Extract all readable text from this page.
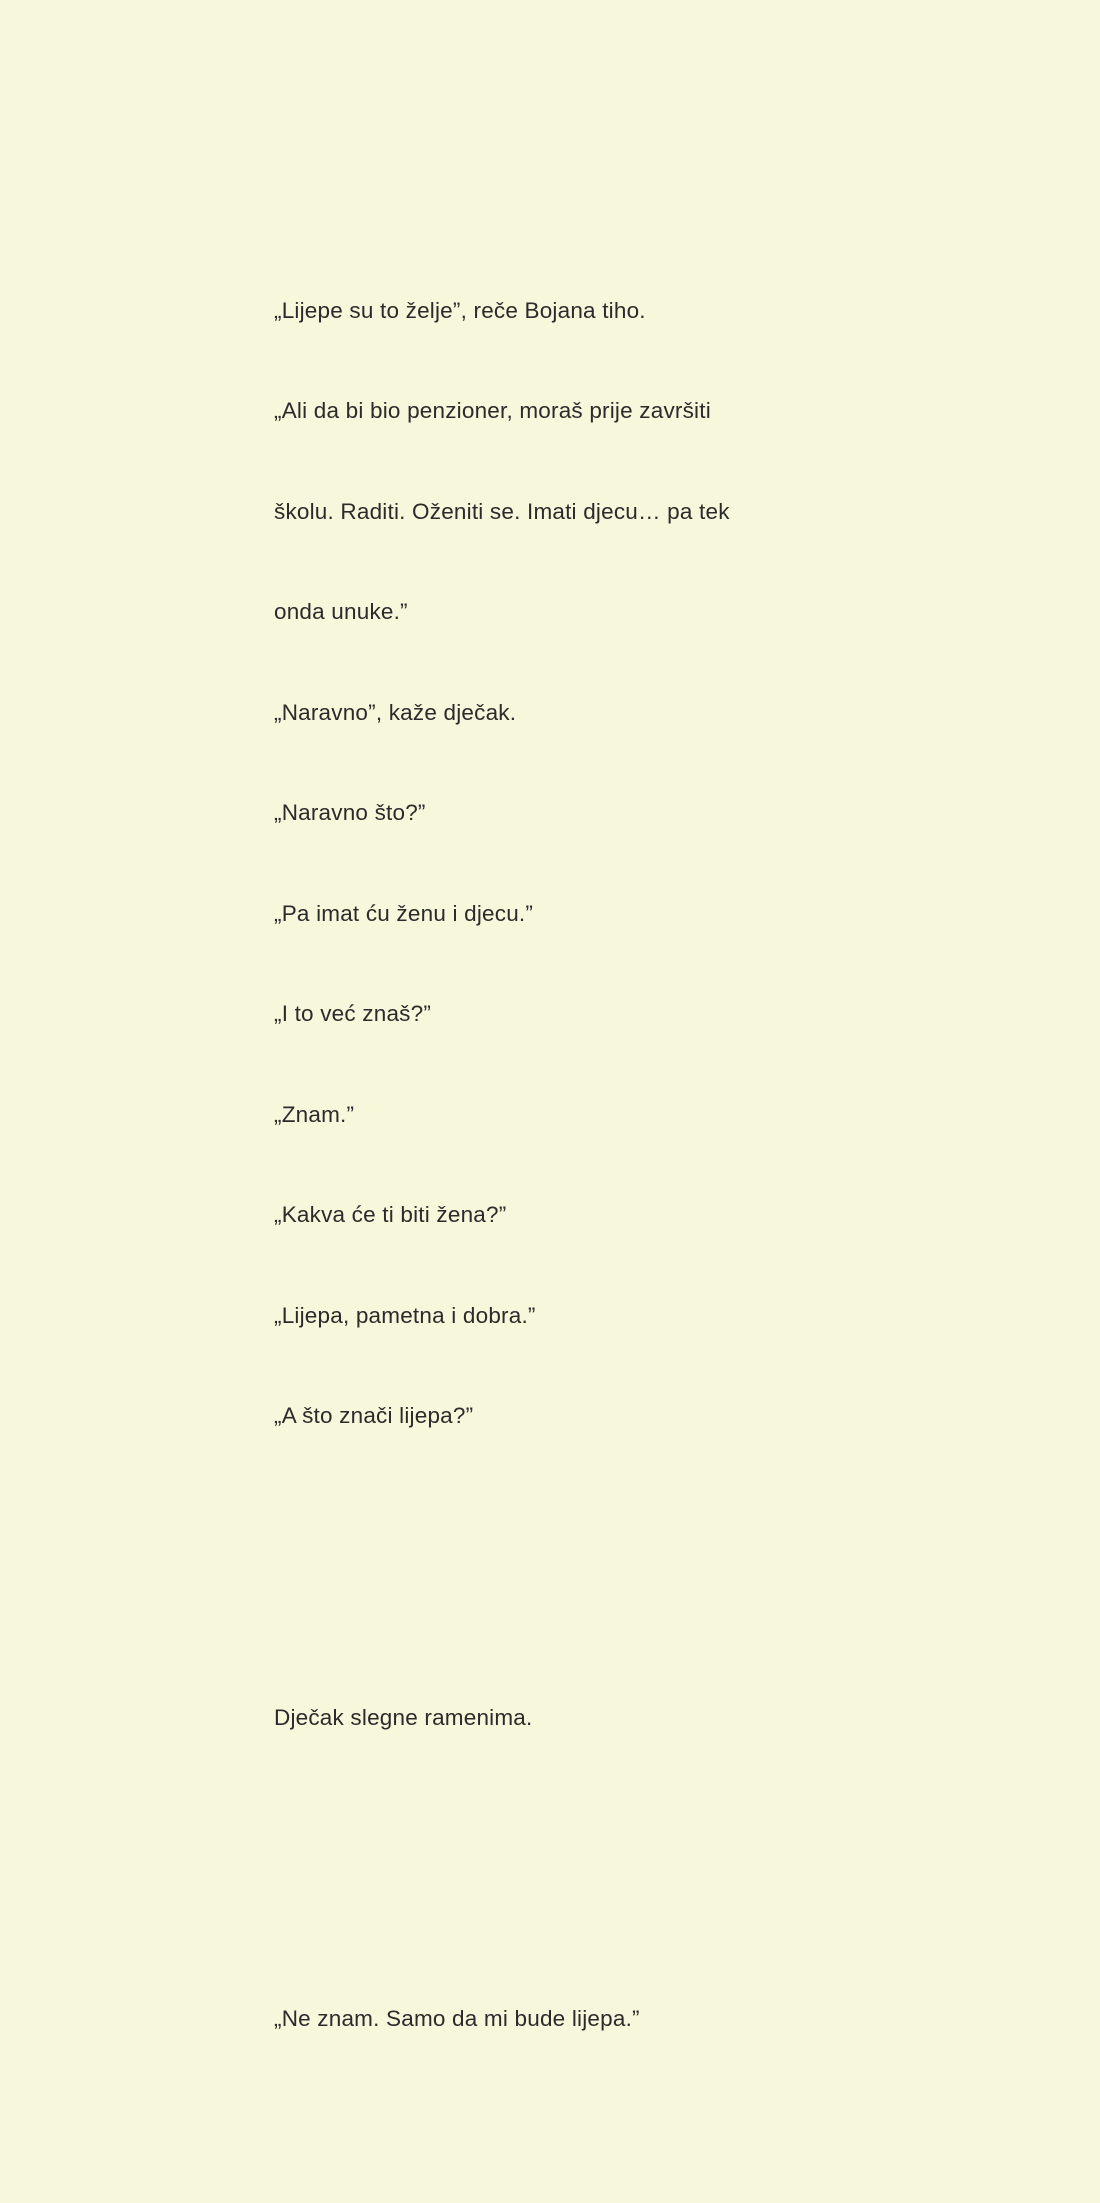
„Lijepe su to želje”, reče Bojana tiho.

„Ali da bi bio penzioner, moraš prije završiti

školu. Raditi. Oženiti se. Imati djecu… pa tek

onda unuke.”

„Naravno”, kaže dječak.

„Naravno što?”

„Pa imat ću ženu i djecu.”

„I to već znaš?”

„Znam.”

„Kakva će ti biti žena?”

„Lijepa, pametna i dobra.”

„A što znači lijepa?”

Dječak slegne ramenima.

„Ne znam. Samo da mi bude lijepa.”
